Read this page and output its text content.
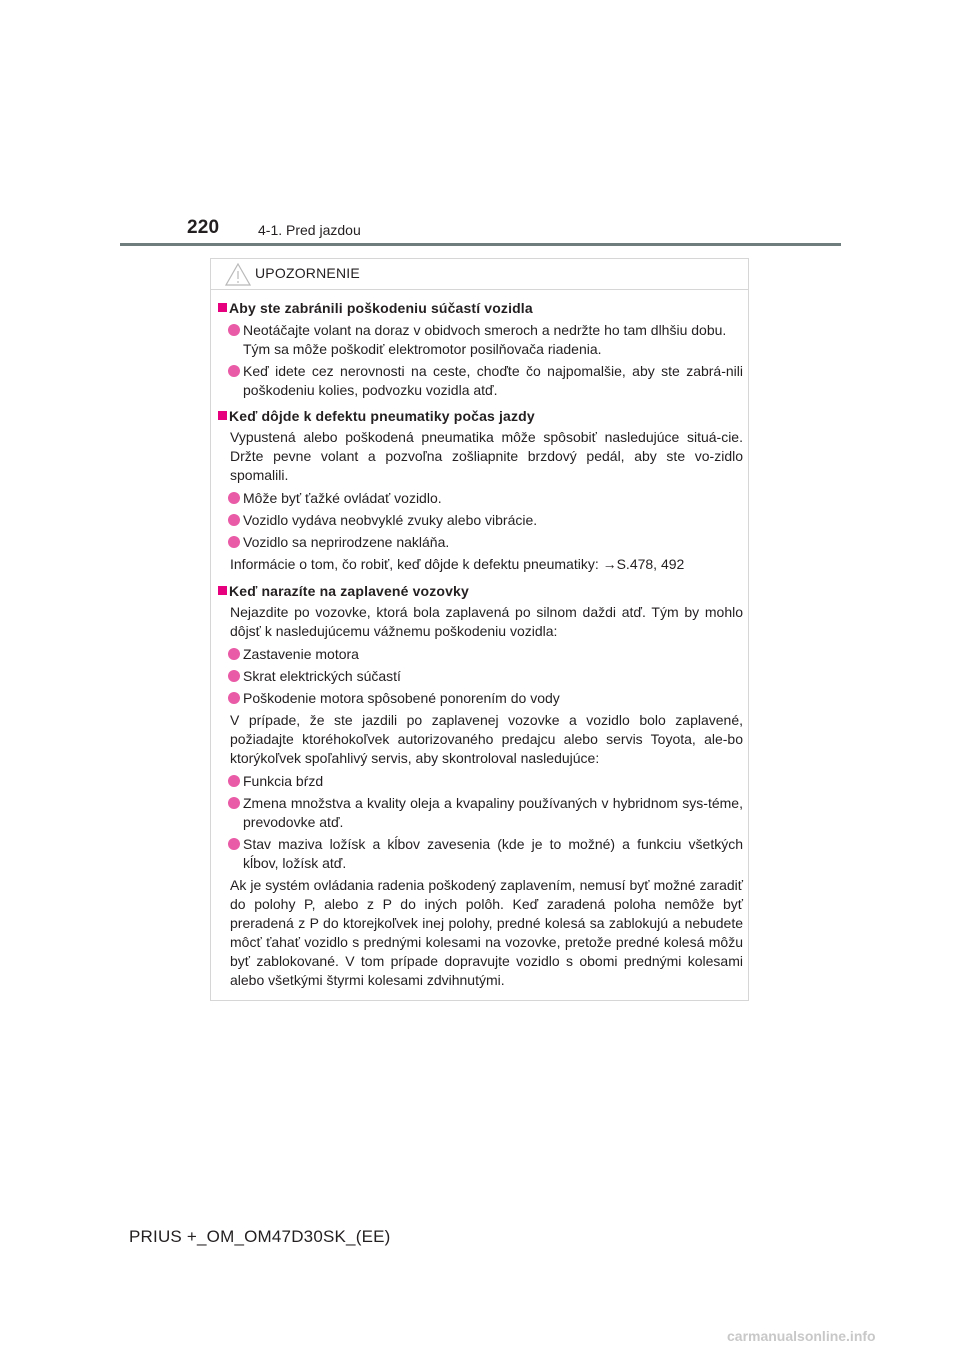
220	4-1. Pred jazdou
UPOZORNENIE
Aby ste zabránili poškodeniu súčastí vozidla
Neotáčajte volant na doraz v obidvoch smeroch a nedržte ho tam dlhšiu dobu.
Tým sa môže poškodiť elektromotor posilňovača riadenia.
Keď idete cez nerovnosti na ceste, choďte čo najpomalšie, aby ste zabrá-nili poškodeniu kolies, podvozku vozidla atď.
Keď dôjde k defektu pneumatiky počas jazdy
Vypustená alebo poškodená pneumatika môže spôsobiť nasledujúce situá-cie. Držte pevne volant a pozvoľna zošliapnite brzdový pedál, aby ste vo-zidlo spomalili.
Môže byť ťažké ovládať vozidlo.
Vozidlo vydáva neobvyklé zvuky alebo vibrácie.
Vozidlo sa neprirodzene nakláňa.
Informácie o tom, čo robiť, keď dôjde k defektu pneumatiky: →S.478, 492
Keď narazíte na zaplavené vozovky
Nejazdite po vozovke, ktorá bola zaplavená po silnom daždi atď. Tým by mohlo dôjsť k nasledujúcemu vážnemu poškodeniu vozidla:
Zastavenie motora
Skrat elektrických súčastí
Poškodenie motora spôsobené ponorením do vody
V prípade, že ste jazdili po zaplavenej vozovke a vozidlo bolo zaplavené, požiadajte ktoréhokoľvek autorizovaného predajcu alebo servis Toyota, ale-bo ktorýkoľvek spoľahlivý servis, aby skontroloval nasledujúce:
Funkcia bŕzd
Zmena množstva a kvality oleja a kvapaliny používaných v hybridnom sys-téme, prevodovke atď.
Stav maziva ložísk a kĺbov zavesenia (kde je to možné) a funkciu všetkých kĺbov, ložísk atď.
Ak je systém ovládania radenia poškodený zaplavením, nemusí byť možné zaradiť do polohy P, alebo z P do iných polôh. Keď zaradená poloha nemôže byť preradená z P do ktorejkoľvek inej polohy, predné kolesá sa zablokujú a nebudete môcť ťahať vozidlo s prednými kolesami na vozovke, pretože predné kolesá môžu byť zablokované. V tom prípade dopravujte vozidlo s obomi prednými kolesami alebo všetkými štyrmi kolesami zdvihnutými.
PRIUS +_OM_OM47D30SK_(EE)
carmanualsonline.info
